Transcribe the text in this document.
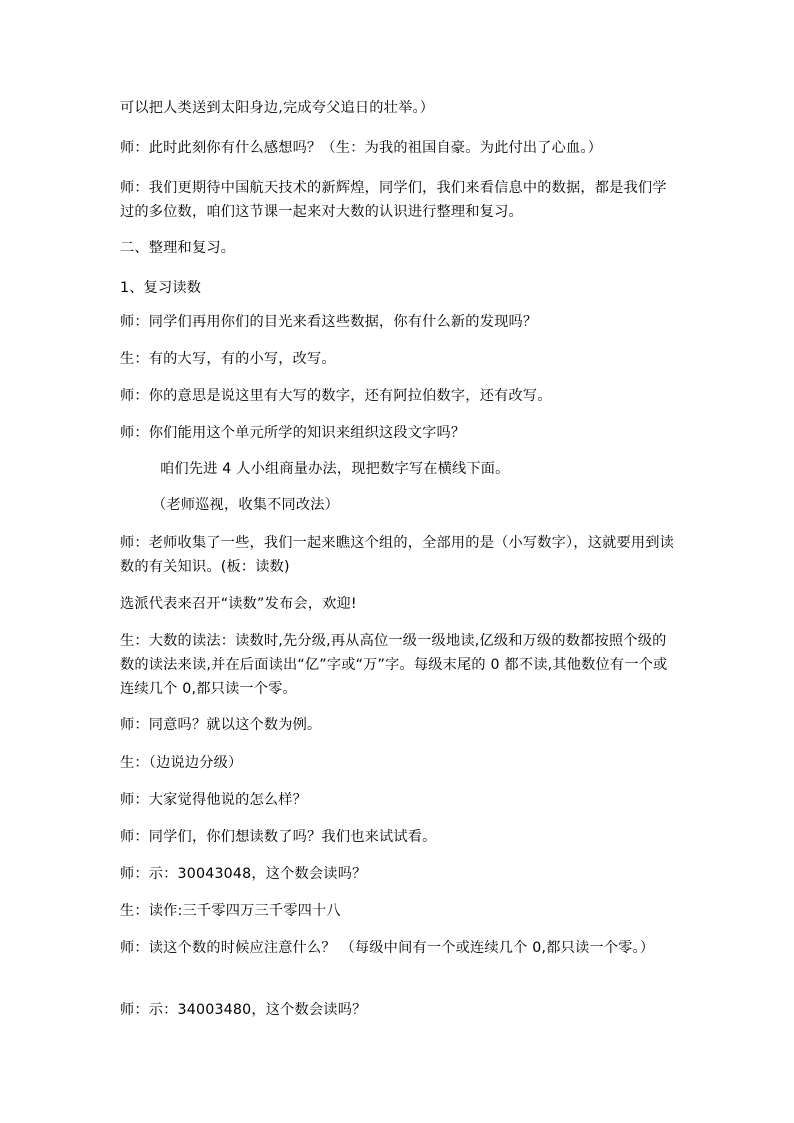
可以把人类送到太阳身边,完成夸父追日的壮举。）
师：此时此刻你有什么感想吗？（生：为我的祖国自豪。为此付出了心血。）
师：我们更期待中国航天技术的新辉煌，同学们，我们来看信息中的数据，都是我们学过的多位数，咱们这节课一起来对大数的认识进行整理和复习。
二、整理和复习。
1、复习读数
师：同学们再用你们的目光来看这些数据，你有什么新的发现吗？
生：有的大写，有的小写，改写。
师：你的意思是说这里有大写的数字，还有阿拉伯数字，还有改写。
师：你们能用这个单元所学的知识来组织这段文字吗？
咱们先进 4 人小组商量办法，现把数字写在横线下面。
（老师巡视，收集不同改法）
师：老师收集了一些，我们一起来瞧这个组的，全部用的是（小写数字），这就要用到读数的有关知识。(板：读数)
选派代表来召开“读数”发布会，欢迎!
生：大数的读法：读数时,先分级,再从高位一级一级地读,亿级和万级的数都按照个级的数的读法来读,并在后面读出“亿”字或“万”字。每级末尾的 0 都不读,其他数位有一个或连续几个 0,都只读一个零。
师：同意吗？就以这个数为例。
生：（边说边分级）
师：大家觉得他说的怎么样？
师：同学们，你们想读数了吗？我们也来试试看。
师：示：30043048，这个数会读吗？
生：读作:三千零四万三千零四十八
师：读这个数的时候应注意什么？ （每级中间有一个或连续几个 0,都只读一个零。）
师：示：34003480，这个数会读吗？
